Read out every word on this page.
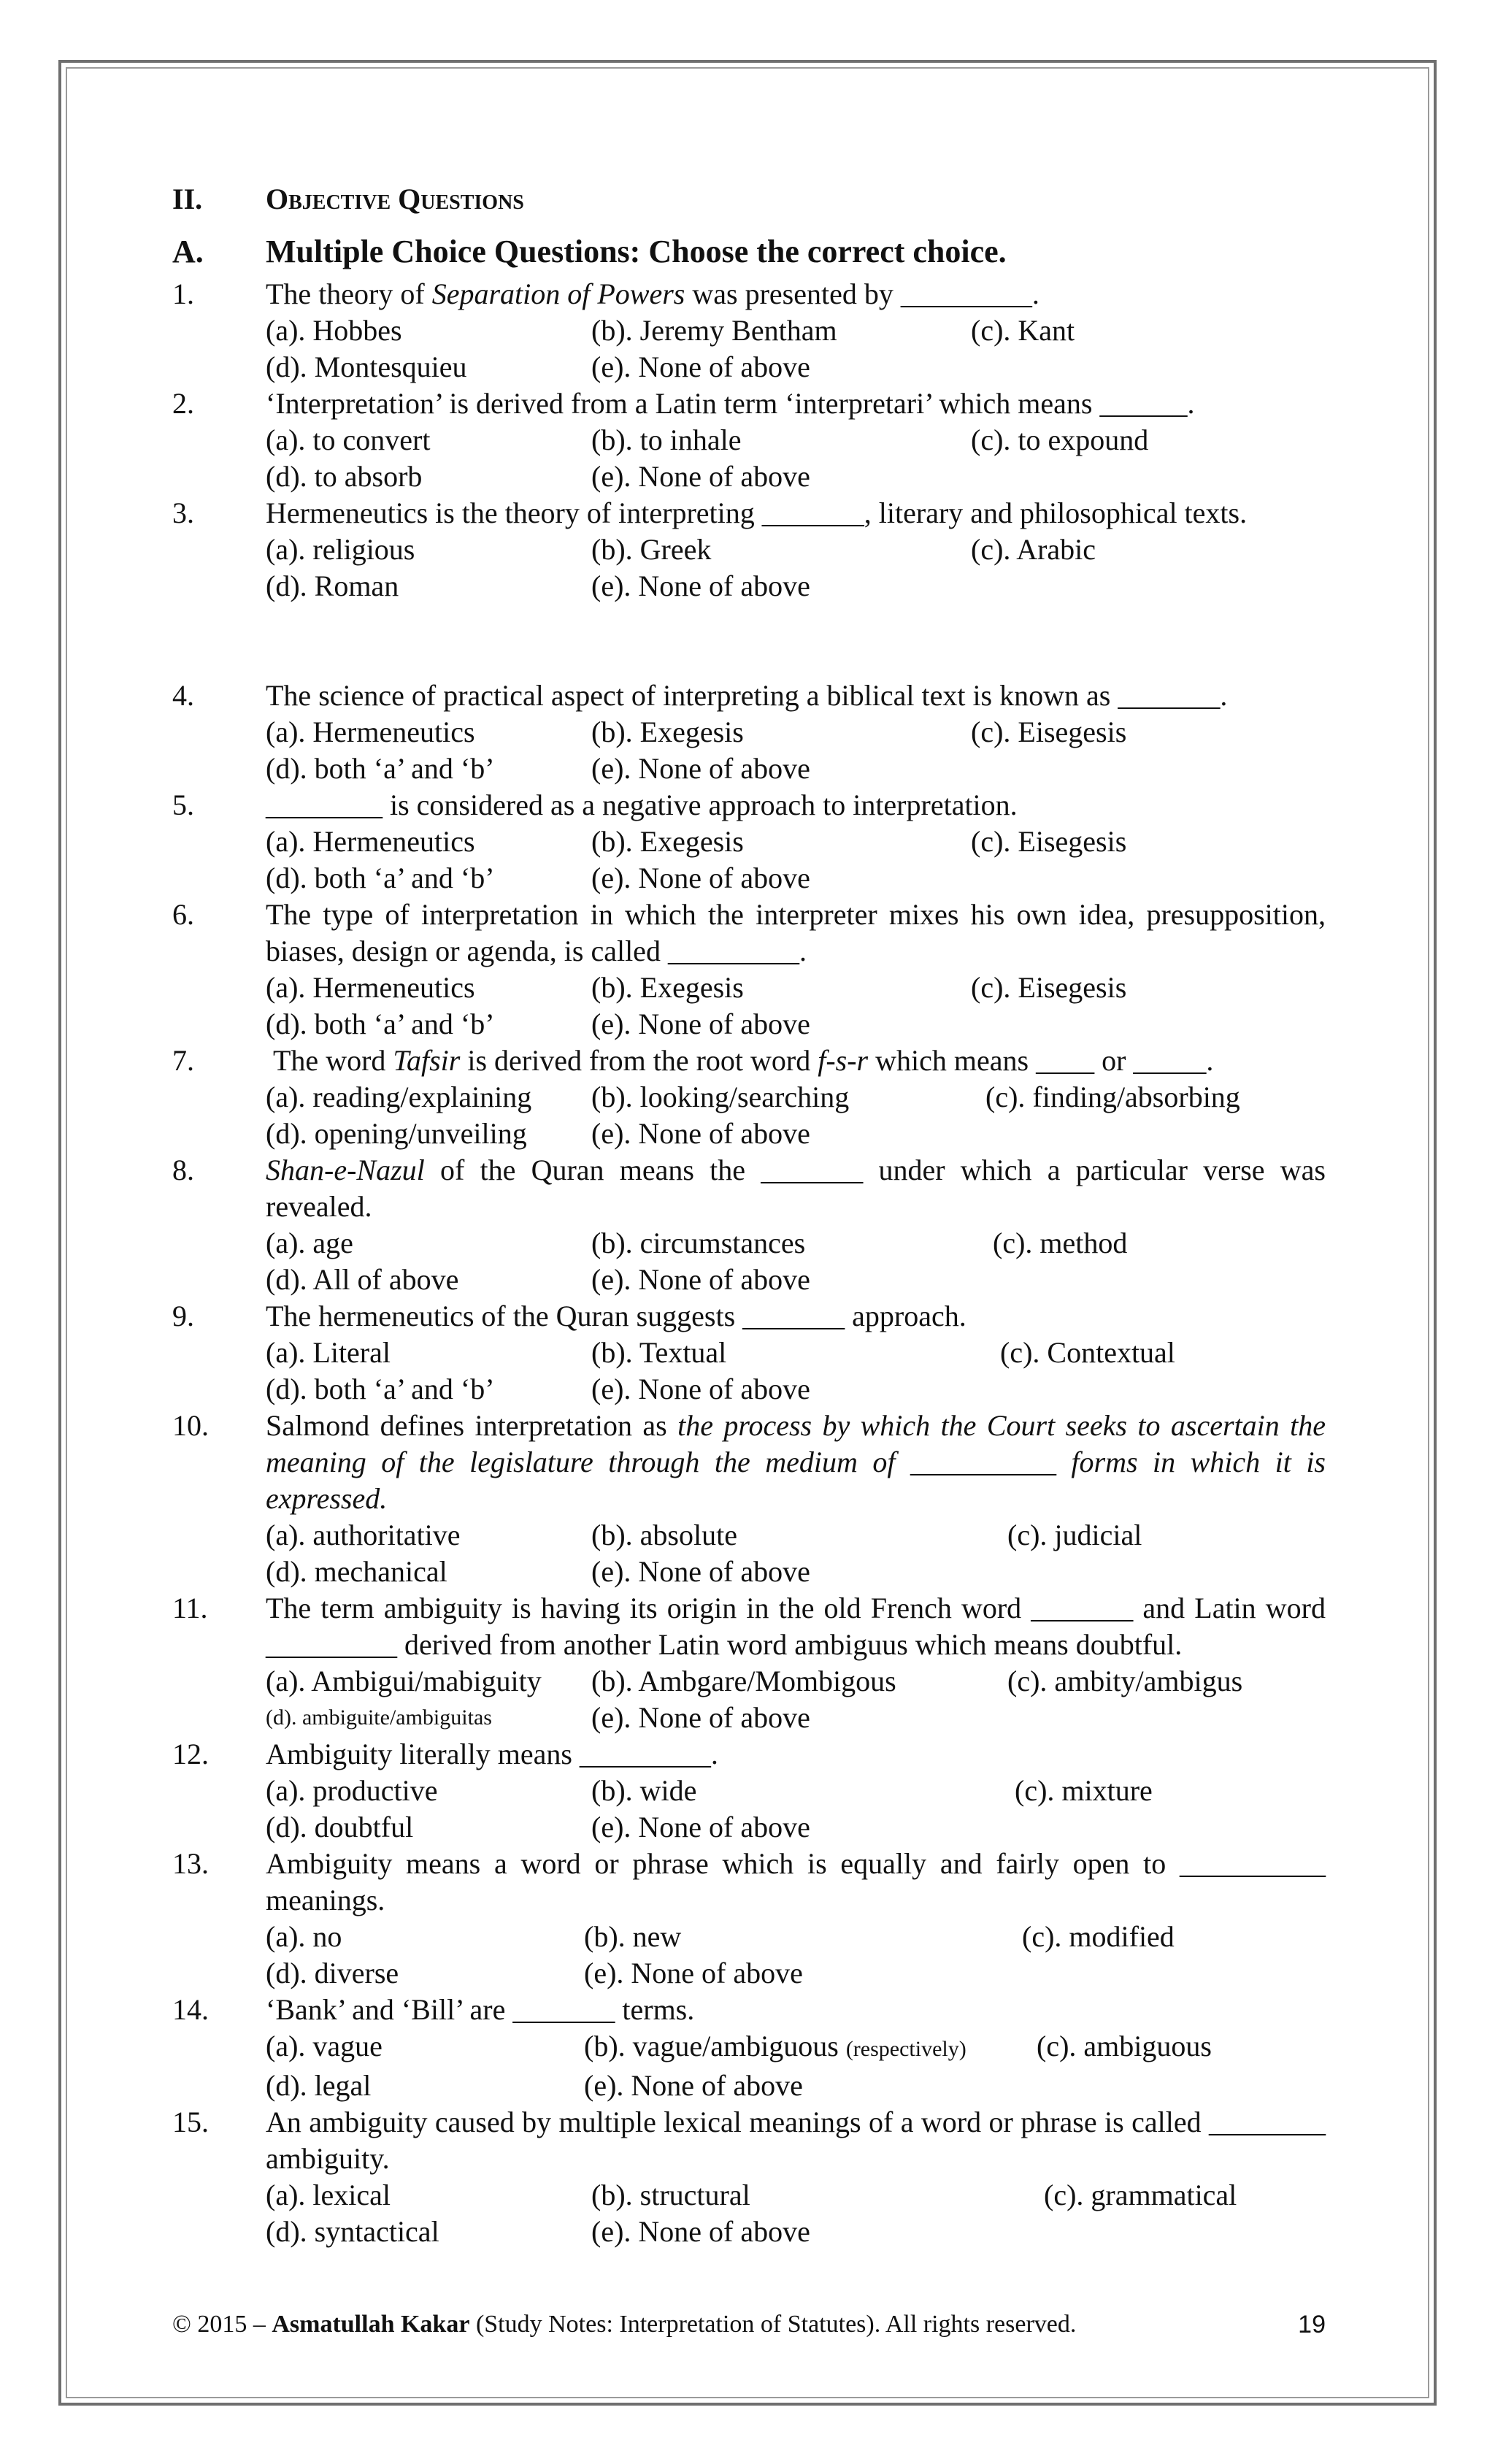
II.	Objective Questions
A.	Multiple Choice Questions: Choose the correct choice.
1.	The theory of Separation of Powers was presented by _________.
(a). Hobbes	(b). Jeremy Bentham	(c). Kant
(d). Montesquieu	(e). None of above
2.	‘Interpretation’ is derived from a Latin term ‘interpretari’ which means ______.
(a). to convert	(b). to inhale	(c). to expound
(d). to absorb	(e). None of above
3.	Hermeneutics is the theory of interpreting _______, literary and philosophical texts.
(a). religious	(b). Greek	(c). Arabic
(d). Roman	(e). None of above
4.	The science of practical aspect of interpreting a biblical text is known as _______.
(a). Hermeneutics	(b). Exegesis	(c). Eisegesis
(d). both ‘a’ and ‘b’	(e). None of above
5.	________ is considered as a negative approach to interpretation.
(a). Hermeneutics	(b). Exegesis	(c). Eisegesis
(d). both ‘a’ and ‘b’	(e). None of above
6.	The type of interpretation in which the interpreter mixes his own idea, presupposition, biases, design or agenda, is called _________.
(a). Hermeneutics	(b). Exegesis	(c). Eisegesis
(d). both ‘a’ and ‘b’	(e). None of above
7.	The word Tafsir is derived from the root word f-s-r which means ____ or _____.
(a). reading/explaining	(b). looking/searching	(c). finding/absorbing
(d). opening/unveiling	(e). None of above
8.	Shan-e-Nazul of the Quran means the _______ under which a particular verse was revealed.
(a). age	(b). circumstances	(c). method
(d). All of above	(e). None of above
9.	The hermeneutics of the Quran suggests _______ approach.
(a). Literal	(b). Textual	(c). Contextual
(d). both ‘a’ and ‘b’	(e). None of above
10.	Salmond defines interpretation as the process by which the Court seeks to ascertain the meaning of the legislature through the medium of __________ forms in which it is expressed.
(a). authoritative	(b). absolute	(c). judicial
(d). mechanical	(e). None of above
11.	The term ambiguity is having its origin in the old French word _______ and Latin word _________ derived from another Latin word ambiguus which means doubtful.
(a). Ambigui/mabiguity	(b). Ambgare/Mombigous	(c). ambity/ambigus
(d). ambiguite/ambiguitas	(e). None of above
12.	Ambiguity literally means _________.
(a). productive	(b). wide	(c). mixture
(d). doubtful	(e). None of above
13.	Ambiguity means a word or phrase which is equally and fairly open to __________ meanings.
(a). no	(b). new	(c). modified
(d). diverse	(e). None of above
14.	‘Bank’ and ‘Bill’ are _______ terms.
(a). vague	(b). vague/ambiguous (respectively)	(c). ambiguous
(d). legal	(e). None of above
15.	An ambiguity caused by multiple lexical meanings of a word or phrase is called ________ ambiguity.
(a). lexical	(b). structural	(c). grammatical
(d). syntactical	(e). None of above
© 2015 – Asmatullah Kakar (Study Notes: Interpretation of Statutes). All rights reserved.	19
